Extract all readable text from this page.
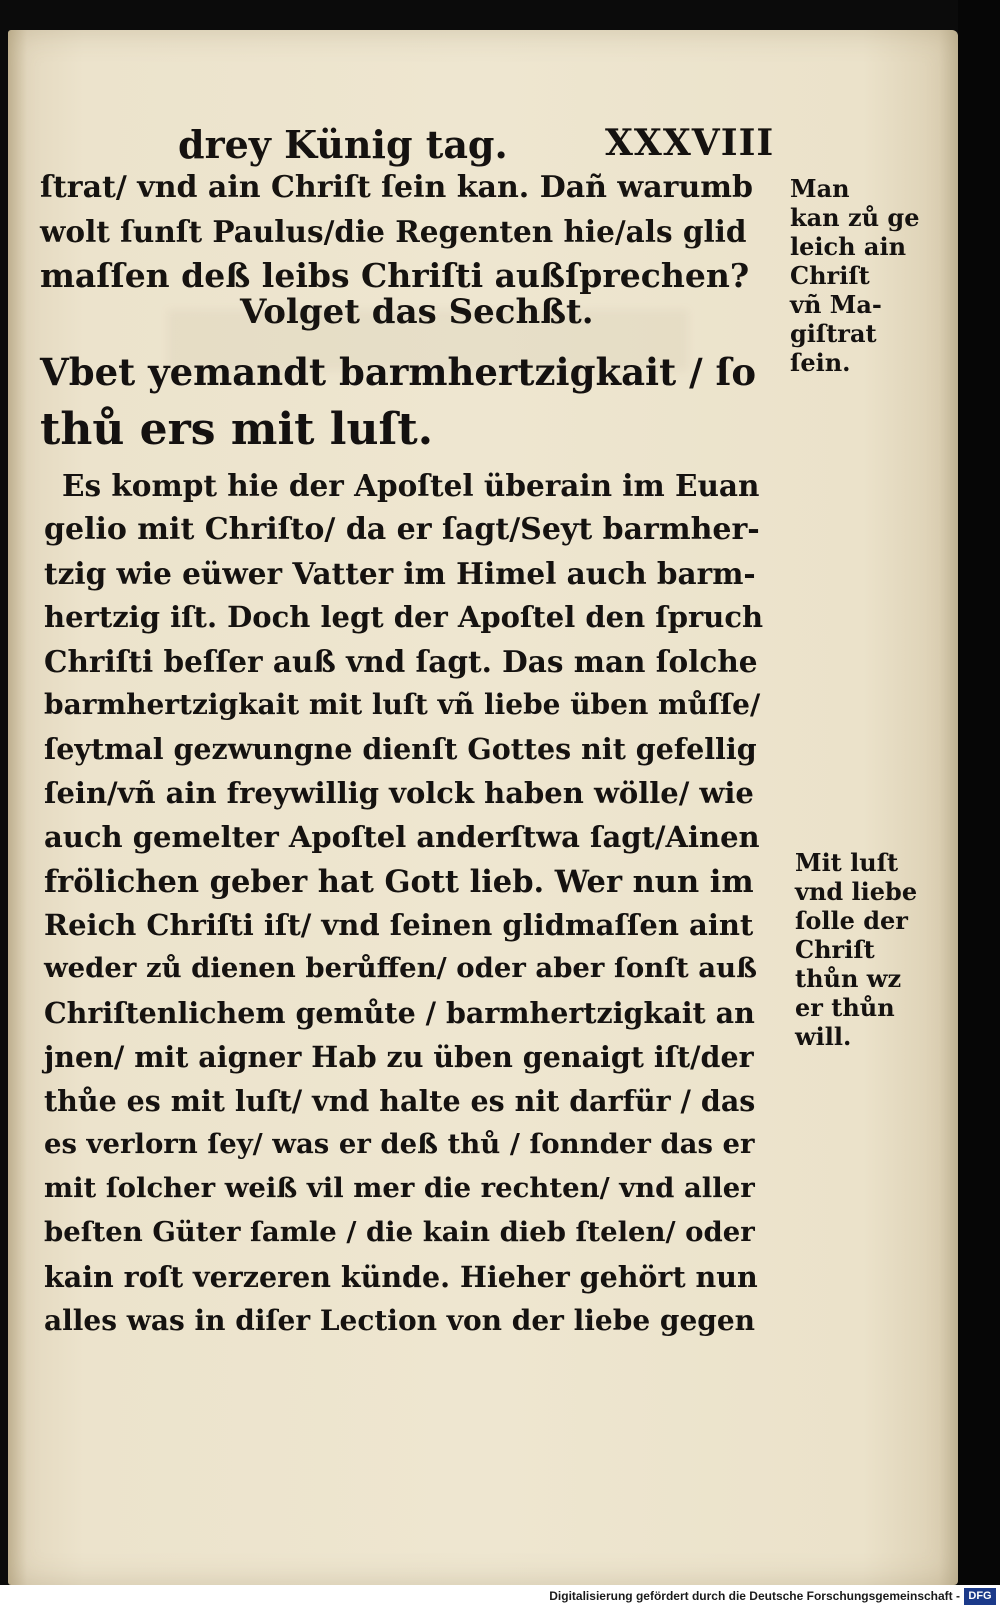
drey Künig tag.	XXXVIII
ſtrat/ vnd ain Chriſt ſein kan. Dañ warumb
wolt ſunſt Paulus/die Regenten hie/als glid
maſſen deß leibs Chriſti außſprechen?
Volget das Sechßt.
Vbet yemandt barmhertzigkait / ſo
thů ers mit luſt.
Es kompt hie der Apoſtel überain im Euan
gelio mit Chriſto/ da er ſagt/Seyt barmher-
tzig wie eüwer Vatter im Himel auch barm-
hertzig iſt. Doch legt der Apoſtel den ſpruch
Chriſti beſſer auß vnd ſagt. Das man ſolche
barmhertzigkait mit luſt vñ liebe üben můſſe/
ſeytmal gezwungne dienſt Gottes nit gefellig
ſein/vñ ain freywillig volck haben wölle/ wie
auch gemelter Apoſtel anderſtwa ſagt/Ainen
frölichen geber hat Gott lieb. Wer nun im
Reich Chriſti iſt/ vnd ſeinen glidmaſſen aint
weder zů dienen berůffen/ oder aber ſonſt auß
Chriſtenlichem gemůte / barmhertzigkait an
jnen/ mit aigner Hab zu üben genaigt iſt/der
thůe es mit luſt/ vnd halte es nit darfür / das
es verlorn ſey/ was er deß thů / ſonnder das er
mit ſolcher weiß vil mer die rechten/ vnd aller
beſten Güter ſamle / die kain dieb ſtelen/ oder
kain roſt verzeren künde. Hieher gehört nun
alles was in diſer Lection von der liebe gegen
Man
kan zů ge
leich ain
Chriſt
vñ Ma-
giſtrat
ſein.
Mit luſt
vnd liebe
ſolle der
Chriſt
thůn wz
er thůn
will.
Digitalisierung gefördert durch die Deutsche Forschungsgemeinschaft - DFG
